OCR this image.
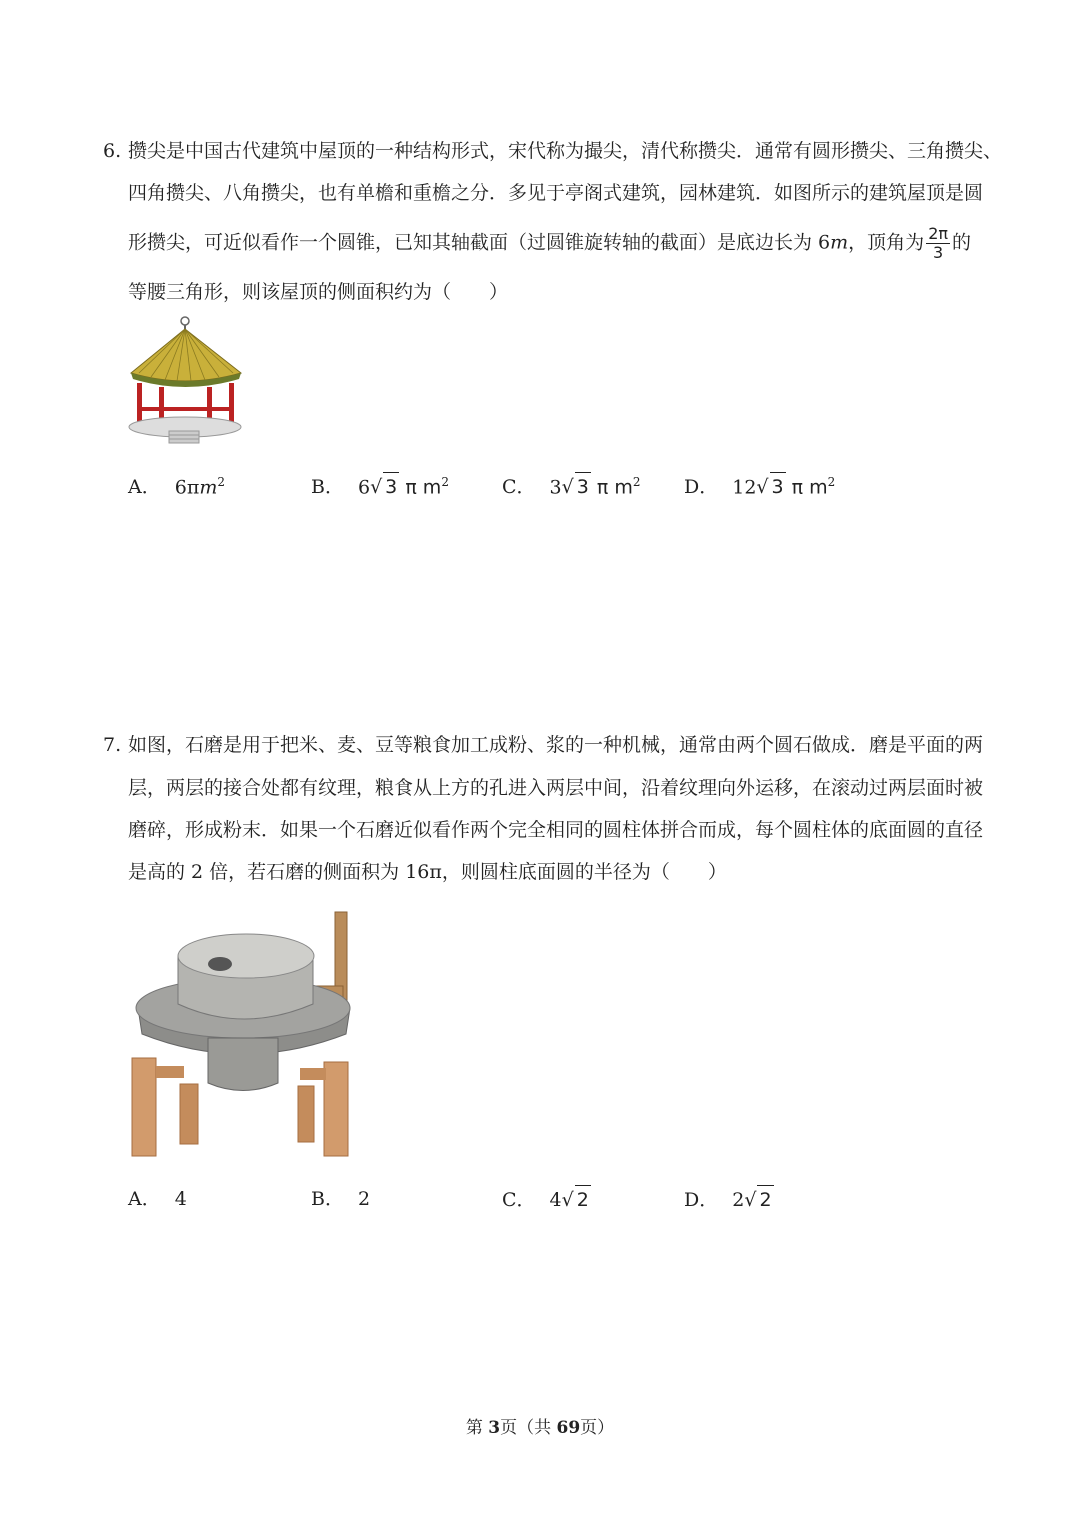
6. 攒尖是中国古代建筑中屋顶的一种结构形式，宋代称为撮尖，清代称攒尖．通常有圆形攒尖、三角攒尖、
四角攒尖、八角攒尖，也有单檐和重檐之分．多见于亭阁式建筑，园林建筑．如图所示的建筑屋顶是圆
形攒尖，可近似看作一个圆锥，已知其轴截面（过圆锥旋转轴的截面）是底边长为 6m，顶角为 $\frac{2\pi}{3}$ 的
等腰三角形，则该屋顶的侧面积约为（　　）
A． $6\pi m^2$	B． 6√ 3 π $m^2$	C． 3√ 3 π $m^2$ D． 12√ 3 π $m^2$
7. 如图，石磨是用于把米、麦、豆等粮食加工成粉、浆的一种机械，通常由两个圆石做成．磨是平面的两
层，两层的接合处都有纹理，粮食从上方的孔进入两层中间，沿着纹理向外运移，在滚动过两层面时被
磨碎，形成粉末．如果一个石磨近似看作两个完全相同的圆柱体拼合而成，每个圆柱体的底面圆的直径
是高的 2 倍，若石磨的侧面积为 16π，则圆柱底面圆的半径为（　　）
A． 4	B． 2	C． 4√ 2	D． 2√ 2
第 3页（共 69页）
